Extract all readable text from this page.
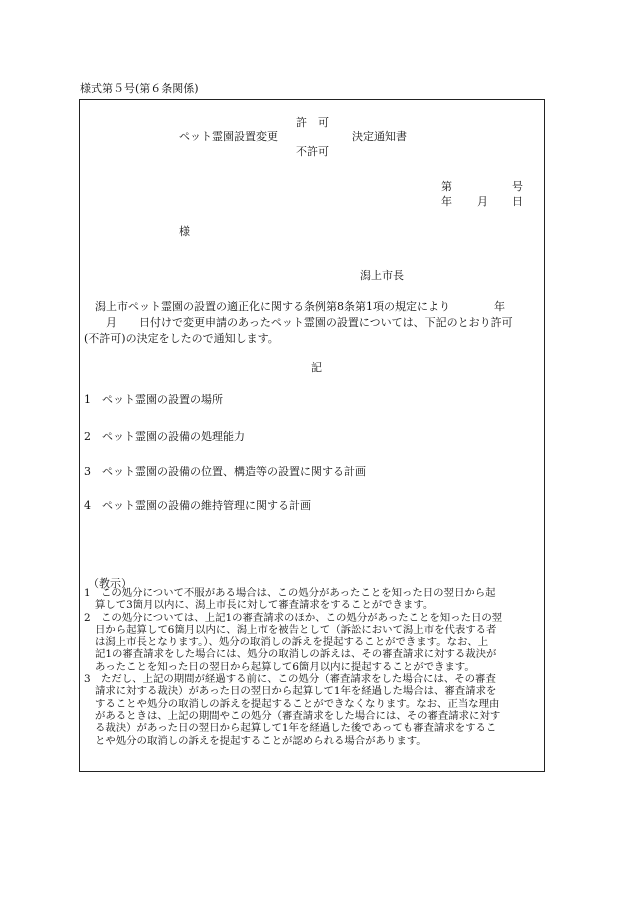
様式第５号(第６条関係)
許　可
ペット霊園設置変更	決定通知書
不許可
第	号
年 月 日
様
潟上市長
　潟上市ペット霊園の設置の適正化に関する条例第8条第1項の規定により　　　　年
　　月　　日付けで変更申請のあったペット霊園の設置については、下記のとおり許可
(不許可)の決定をしたので通知します。
記
1　ペット霊園の設置の場所
2　ペット霊園の設備の処理能力
3　ペット霊園の設備の位置、構造等の設置に関する計画
4　ペット霊園の設備の維持管理に関する計画
（教示）
1　この処分について不服がある場合は、この処分があったことを知った日の翌日から起
算して3箇月以内に、潟上市長に対して審査請求をすることができます。
2　この処分については、上記1の審査請求のほか、この処分があったことを知った日の翌
日から起算して6箇月以内に、潟上市を被告として（訴訟において潟上市を代表する者
は潟上市長となります。）、処分の取消しの訴えを提起することができます。なお、上
記1の審査請求をした場合には、処分の取消しの訴えは、その審査請求に対する裁決が
あったことを知った日の翌日から起算して6箇月以内に提起することができます。
3　ただし、上記の期間が経過する前に、この処分（審査請求をした場合には、その審査
請求に対する裁決）があった日の翌日から起算して1年を経過した場合は、審査請求を
することや処分の取消しの訴えを提起することができなくなります。なお、正当な理由
があるときは、上記の期間やこの処分（審査請求をした場合には、その審査請求に対す
る裁決）があった日の翌日から起算して1年を経過した後であっても審査請求をするこ
とや処分の取消しの訴えを提起することが認められる場合があります。
